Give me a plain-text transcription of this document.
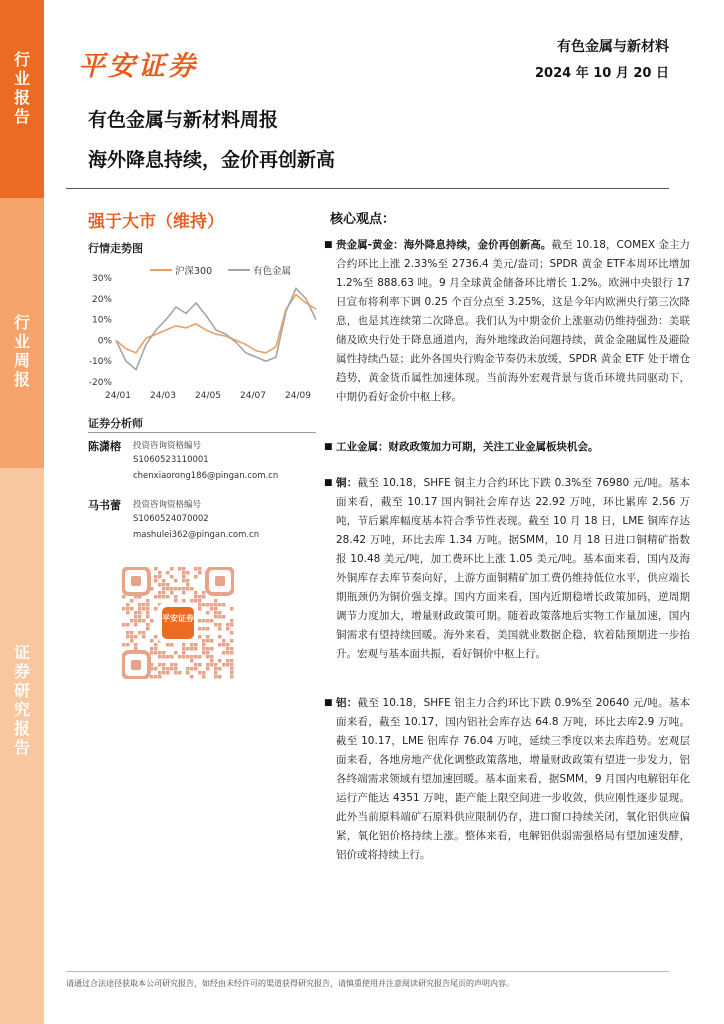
行业报告
行业周报
证券研究报告
平安证券
有色金属与新材料
2024 年 10 月 20 日
有色金属与新材料周报
海外降息持续，金价再创新高
强于大市（维持）
行情走势图
30%
20%
10%
0%
-10%
-20%
24/01 24/03 24/05 24/07 24/09
沪深300	有色金属
证券分析师
陈潇榕 投资咨询资格编号
S1060523110001
chenxiaorong186@pingan.com.cn
马书蕾 投资咨询资格编号
S1060524070002
mashulei362@pingan.com.cn
平安证券
核心观点：
■ 贵金属-黄金：海外降息持续，金价再创新高。截至 10.18，COMEX 金主力合约环比上涨 2.33%至 2736.4 美元/盎司；SPDR 黄金 ETF本周环比增加 1.2%至 888.63 吨。9 月全球黄金储备环比增长 1.2%。欧洲中央银行 17 日宣布将利率下调 0.25 个百分点至 3.25%，这是今年内欧洲央行第三次降息，也是其连续第二次降息。我们认为中期金价上涨驱动仍维持强劲：美联储及欧央行处于降息通道内，海外地缘政治问题持续，黄金金融属性及避险属性持续凸显；此外各国央行购金节奏仍未放缓，SPDR 黄金 ETF 处于增仓趋势，黄金货币属性加速体现。当前海外宏观背景与货币环境共同驱动下，中期仍看好金价中枢上移。
■ 工业金属：财政政策加力可期，关注工业金属板块机会。
■ 铜：截至 10.18，SHFE 铜主力合约环比下跌 0.3%至 76980 元/吨。基本面来看，截至 10.17 国内铜社会库存达 22.92 万吨，环比累库 2.56 万吨，节后累库幅度基本符合季节性表现。截至 10 月 18 日，LME 铜库存达 28.42 万吨，环比去库 1.34 万吨。据SMM，10 月 18 日进口铜精矿指数报 10.48 美元/吨，加工费环比上涨 1.05 美元/吨。基本面来看，国内及海外铜库存去库节奏向好，上游方面铜精矿加工费仍维持低位水平，供应端长期瓶颈仍为铜价强支撑。国内方面来看，国内近期稳增长政策加码，逆周期调节力度加大，增量财政政策可期。随着政策落地后实物工作量加速，国内铜需求有望持续回暖。海外来看，美国就业数据企稳，软着陆预期进一步抬升。宏观与基本面共振，看好铜价中枢上行。
■ 铝：截至 10.18，SHFE 铝主力合约环比下跌 0.9%至 20640 元/吨。基本面来看，截至 10.17，国内铝社会库存达 64.8 万吨，环比去库2.9 万吨。截至 10.17，LME 铝库存 76.04 万吨，延续三季度以来去库趋势。宏观层面来看，各地房地产优化调整政策落地，增量财政政策有望进一步发力，铝各终端需求领域有望加速回暖。基本面来看，据SMM，9 月国内电解铝年化运行产能达 4351 万吨，距产能上限空间进一步收敛，供应刚性逐步显现。此外当前原料端矿石原料供应限制仍存，进口窗口持续关闭，氧化铝供应偏紧，氧化铝价格持续上涨。整体来看，电解铝供弱需强格局有望加速发酵，铝价或将持续上行。
请通过合法途径获取本公司研究报告，如经由未经许可的渠道获得研究报告，请慎重使用并注意阅读研究报告尾页的声明内容。
